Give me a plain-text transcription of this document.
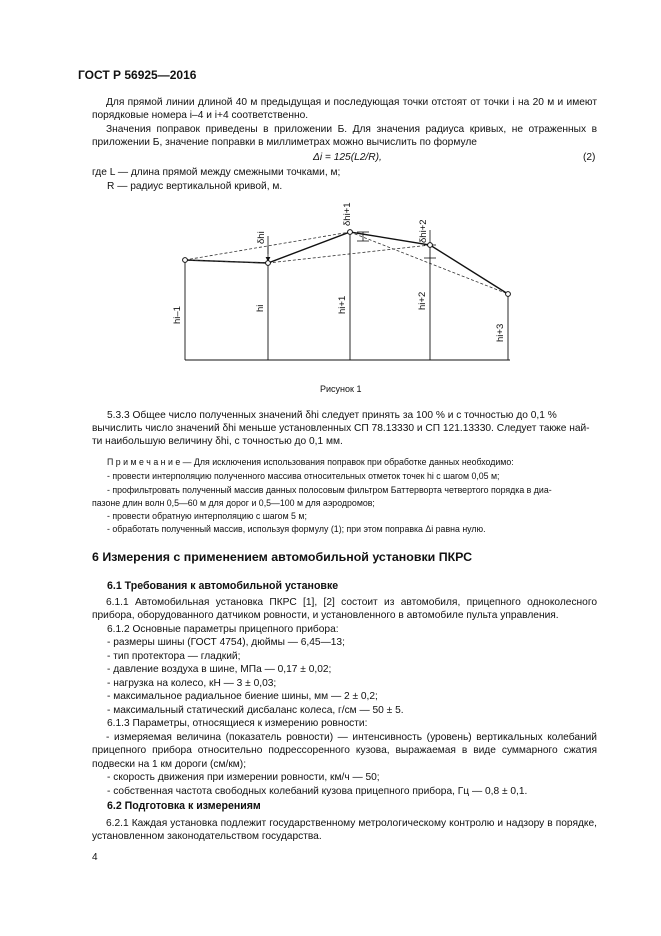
ГОСТ Р 56925—2016
Для прямой линии длиной 40 м предыдущая и последующая точки отстоят от точки i на 20 м и имеют порядковые номера i–4 и i+4 соответственно.
Значения поправок приведены в приложении Б. Для значения радиуса кривых, не отраженных в приложении Б, значение поправки в миллиметрах можно вычислить по формуле
Δi = 125(L2/R),	(2)
где L — длина прямой между смежными точками, м;
R — радиус вертикальной кривой, м.
δhi
δhi+1
δhi+2
hi–1	hi	hi+1	hi+2
hi+3
Рисунок 1
5.3.3 Общее число полученных значений δhi следует принять за 100 % и с точностью до 0,1 %
вычислить число значений δhi меньше установленных СП 78.13330 и СП 121.13330. Следует также най-
ти наибольшую величину δhi, с точностью до 0,1 мм.
П р и м е ч а н и е — Для исключения использования поправок при обработке данных необходимо:
- провести интерполяцию полученного массива относительных отметок точек hi с шагом 0,05 м;
- профильтровать полученный массив данных полосовым фильтром Баттерворта четвертого порядка в диа-
пазоне длин волн 0,5—60 м для дорог и 0,5—100 м для аэродромов;
- провести обратную интерполяцию с шагом 5 м;
- обработать полученный массив, используя формулу (1); при этом поправка Δi равна нулю.
6 Измерения с применением автомобильной установки ПКРС
6.1 Требования к автомобильной установке
6.1.1 Автомобильная установка ПКРС [1], [2] состоит из автомобиля, прицепного одноколесного прибора, оборудованного датчиком ровности, и установленного в автомобиле пульта управления.
6.1.2 Основные параметры прицепного прибора:
- размеры шины (ГОСТ 4754), дюймы — 6,45—13;
- тип протектора — гладкий;
- давление воздуха в шине, МПа — 0,17 ± 0,02;
- нагрузка на колесо, кН — 3 ± 0,03;
- максимальное радиальное биение шины, мм — 2 ± 0,2;
- максимальный статический дисбаланс колеса, г/см — 50 ± 5.
6.1.3 Параметры, относящиеся к измерению ровности:
- измеряемая величина (показатель ровности) — интенсивность (уровень) вертикальных колебаний прицепного прибора относительно подрессоренного кузова, выражаемая в виде суммарного сжатия подвески на 1 км дороги (см/км);
- скорость движения при измерении ровности, км/ч — 50;
- собственная частота свободных колебаний кузова прицепного прибора, Гц — 0,8 ± 0,1.
6.2 Подготовка к измерениям
6.2.1 Каждая установка подлежит государственному метрологическому контролю и надзору в порядке, установленном законодательством государства.
4
